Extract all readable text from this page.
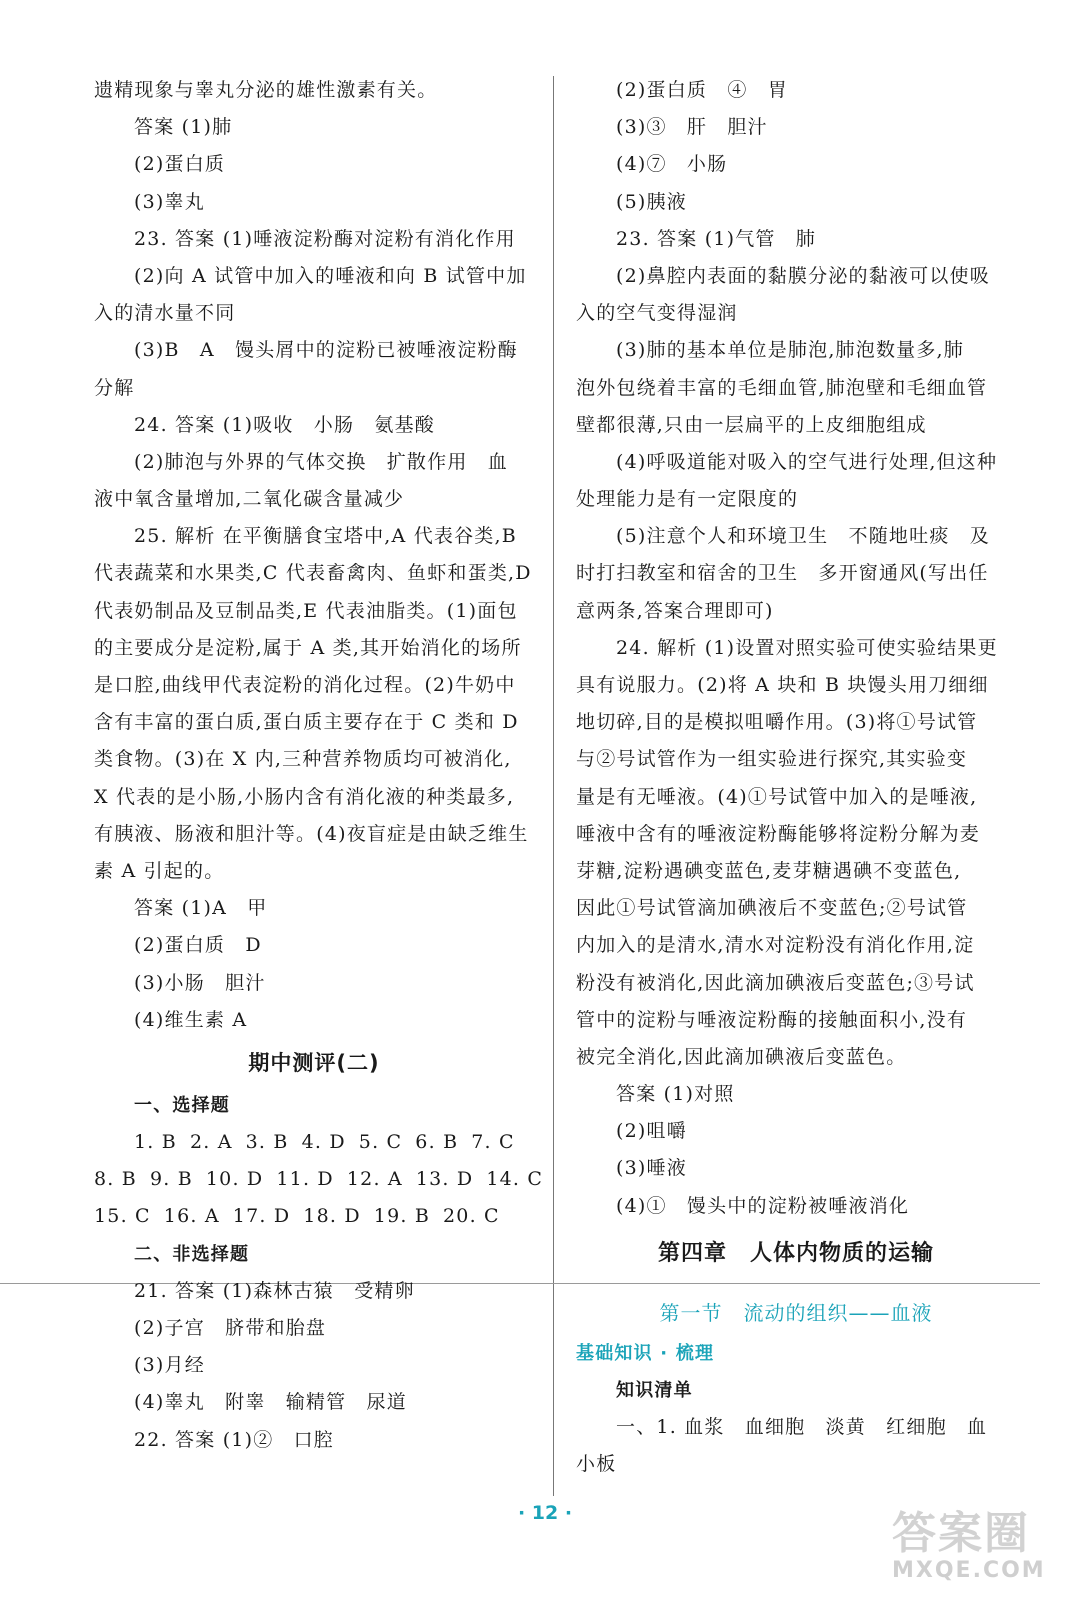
遗精现象与睾丸分泌的雄性激素有关。
答案 (1)肺
(2)蛋白质
(3)睾丸
23. 答案 (1)唾液淀粉酶对淀粉有消化作用
(2)向 A 试管中加入的唾液和向 B 试管中加
入的清水量不同
(3)B　A　馒头屑中的淀粉已被唾液淀粉酶
分解
24. 答案 (1)吸收　小肠　氨基酸
(2)肺泡与外界的气体交换　扩散作用　血
液中氧含量增加,二氧化碳含量减少
25. 解析 在平衡膳食宝塔中,A 代表谷类,B
代表蔬菜和水果类,C 代表畜禽肉、鱼虾和蛋类,D
代表奶制品及豆制品类,E 代表油脂类。(1)面包
的主要成分是淀粉,属于 A 类,其开始消化的场所
是口腔,曲线甲代表淀粉的消化过程。(2)牛奶中
含有丰富的蛋白质,蛋白质主要存在于 C 类和 D
类食物。(3)在 X 内,三种营养物质均可被消化,
X 代表的是小肠,小肠内含有消化液的种类最多,
有胰液、肠液和胆汁等。(4)夜盲症是由缺乏维生
素 A 引起的。
答案 (1)A　甲
(2)蛋白质　D
(3)小肠　胆汁
(4)维生素 A
期中测评(二)
一、选择题
1. B 2. A 3. B 4. D 5. C 6. B 7. C
8. B 9. B 10. D 11. D 12. A 13. D 14. C
15. C 16. A 17. D 18. D 19. B 20. C
二、非选择题
21. 答案 (1)森林古猿　受精卵
(2)子宫　脐带和胎盘
(3)月经
(4)睾丸　附睾　输精管　尿道
22. 答案 (1)②　口腔
(2)蛋白质　④　胃
(3)③　肝　胆汁
(4)⑦　小肠
(5)胰液
23. 答案 (1)气管　肺
(2)鼻腔内表面的黏膜分泌的黏液可以使吸
入的空气变得湿润
(3)肺的基本单位是肺泡,肺泡数量多,肺
泡外包绕着丰富的毛细血管,肺泡壁和毛细血管
壁都很薄,只由一层扁平的上皮细胞组成
(4)呼吸道能对吸入的空气进行处理,但这种
处理能力是有一定限度的
(5)注意个人和环境卫生　不随地吐痰　及
时打扫教室和宿舍的卫生　多开窗通风(写出任
意两条,答案合理即可)
24. 解析 (1)设置对照实验可使实验结果更
具有说服力。(2)将 A 块和 B 块馒头用刀细细
地切碎,目的是模拟咀嚼作用。(3)将①号试管
与②号试管作为一组实验进行探究,其实验变
量是有无唾液。(4)①号试管中加入的是唾液,
唾液中含有的唾液淀粉酶能够将淀粉分解为麦
芽糖,淀粉遇碘变蓝色,麦芽糖遇碘不变蓝色,
因此①号试管滴加碘液后不变蓝色;②号试管
内加入的是清水,清水对淀粉没有消化作用,淀
粉没有被消化,因此滴加碘液后变蓝色;③号试
管中的淀粉与唾液淀粉酶的接触面积小,没有
被完全消化,因此滴加碘液后变蓝色。
答案 (1)对照
(2)咀嚼
(3)唾液
(4)①　馒头中的淀粉被唾液消化
第四章　人体内物质的运输
第一节　流动的组织——血液
基础知识 · 梳理
知识清单
一、1. 血浆　血细胞　淡黄　红细胞　血
小板
· 12 ·	答案圈
MXQE.COM
